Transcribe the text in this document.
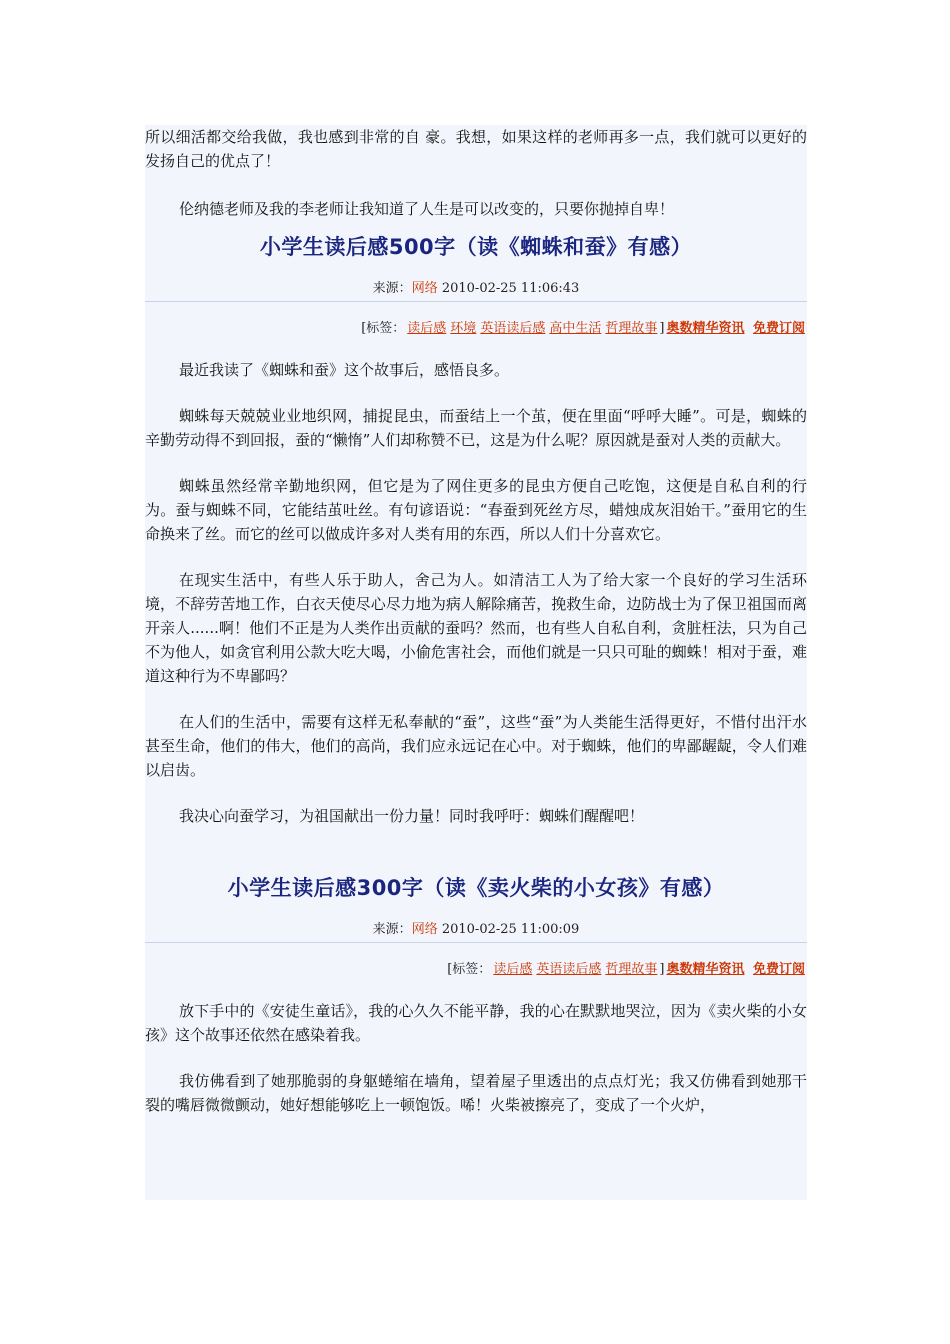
所以细活都交给我做，我也感到非常的自 豪。我想，如果这样的老师再多一点，我们就可以更好的发扬自己的优点了！

伦纳德老师及我的李老师让我知道了人生是可以改变的，只要你抛掉自卑！

小学生读后感500字（读《蜘蛛和蚕》有感）
来源：网络 2010-02-25 11:06:43
[标签： 读后感 环境 英语读后感 高中生活 哲理故事 ] 奥数精华资讯 免费订阅

最近我读了《蜘蛛和蚕》这个故事后，感悟良多。

蜘蛛每天兢兢业业地织网，捕捉昆虫，而蚕结上一个茧，便在里面“呼呼大睡”。可是，蜘蛛的辛勤劳动得不到回报，蚕的“懒惰”人们却称赞不已，这是为什么呢？原因就是蚕对人类的贡献大。

蜘蛛虽然经常辛勤地织网，但它是为了网住更多的昆虫方便自己吃饱，这便是自私自利的行为。蚕与蜘蛛不同，它能结茧吐丝。有句谚语说：“春蚕到死丝方尽，蜡烛成灰泪始干。”蚕用它的生命换来了丝。而它的丝可以做成许多对人类有用的东西，所以人们十分喜欢它。

在现实生活中，有些人乐于助人，舍己为人。如清洁工人为了给大家一个良好的学习生活环境，不辞劳苦地工作，白衣天使尽心尽力地为病人解除痛苦，挽救生命，边防战士为了保卫祖国而离开亲人......啊！他们不正是为人类作出贡献的蚕吗？然而，也有些人自私自利，贪脏枉法，只为自己不为他人，如贪官利用公款大吃大喝，小偷危害社会，而他们就是一只只可耻的蜘蛛！相对于蚕，难道这种行为不卑鄙吗？

在人们的生活中，需要有这样无私奉献的“蚕”，这些“蚕”为人类能生活得更好，不惜付出汗水甚至生命，他们的伟大，他们的高尚，我们应永远记在心中。对于蜘蛛，他们的卑鄙龌龊，令人们难以启齿。

我决心向蚕学习，为祖国献出一份力量！同时我呼吁：蜘蛛们醒醒吧！

小学生读后感300字（读《卖火柴的小女孩》有感）
来源：网络 2010-02-25 11:00:09
[标签： 读后感 英语读后感 哲理故事 ] 奥数精华资讯 免费订阅

放下手中的《安徒生童话》，我的心久久不能平静，我的心在默默地哭泣，因为《卖火柴的小女孩》这个故事还依然在感染着我。

我仿佛看到了她那脆弱的身躯蜷缩在墙角，望着屋子里透出的点点灯光；我又仿佛看到她那干裂的嘴唇微微颤动，她好想能够吃上一顿饱饭。唏！火柴被擦亮了，变成了一个火炉，
